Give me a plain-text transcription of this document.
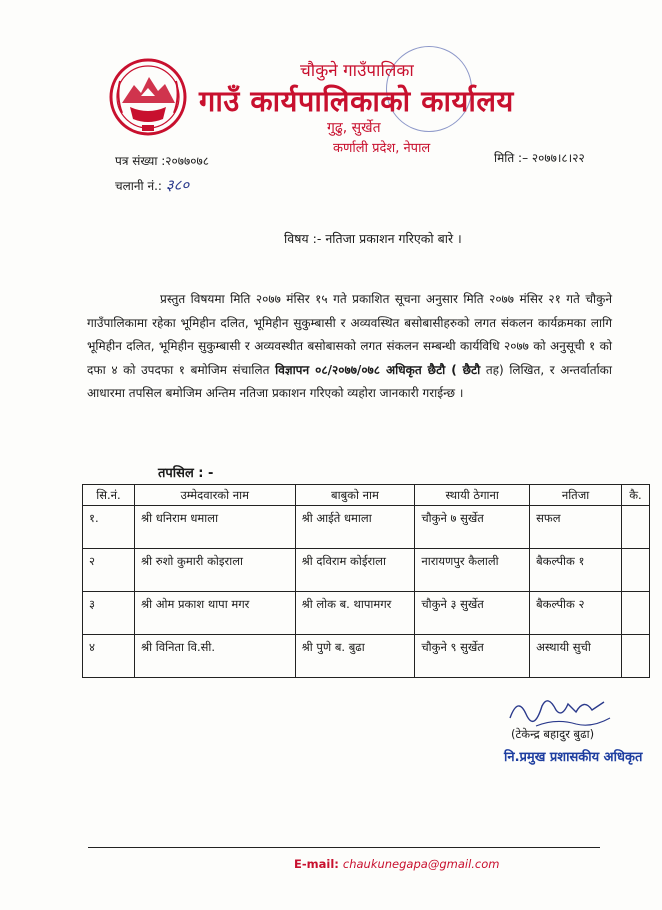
चौकुने गाउँपालिका
गाउँ कार्यपालिकाको कार्यालय
गुढु, सुर्खेत
कर्णाली प्रदेश, नेपाल
पत्र संख्या :२०७७०७८
चलानी नं.: ३८०
मिति :– २०७७।८।२२
विषय :- नतिजा प्रकाशन गरिएको बारे ।

प्रस्तुत विषयमा मिति २०७७ मंसिर १५ गते प्रकाशित सूचना अनुसार मिति २०७७ मंसिर २१ गते चौकुने गाउँपालिकामा रहेका भूमिहीन दलित, भूमिहीन सुकुम्बासी र अव्यवस्थित बसोबासीहरुको लगत संकलन कार्यक्रमका लागि भूमिहीन दलित, भूमिहीन सुकुम्बासी र अव्यवस्थीत बसोबासको लगत संकलन सम्बन्धी कार्यविधि २०७७ को अनुसूची १ को दफा ४ को उपदफा १ बमोजिम संचालित विज्ञापन ०८/२०७७/०७८ अधिकृत छैटौ ( छैटौ तह) लिखित, र अन्तर्वार्ताका आधारमा तपसिल बमोजिम अन्तिम नतिजा प्रकाशन गरिएको व्यहोरा जानकारी गराईन्छ ।

तपसिल : -
सि.नं.	उम्मेदवारको नाम	बाबुको नाम	स्थायी ठेगाना	नतिजा	कै.
१.	श्री धनिराम धमाला	श्री आईते धमाला	चौकुने ७ सुर्खेत	सफल	
२	श्री रुशो कुमारी कोइराला	श्री दविराम कोईराला	नारायणपुर कैलाली	बैकल्पीक १	
३	श्री ओम प्रकाश थापा मगर	श्री लोक ब. थापामगर	चौकुने ३ सुर्खेत	बैकल्पीक २	
४	श्री विनिता वि.सी.	श्री पुणे ब. बुढा	चौकुने ९ सुर्खेत	अस्थायी सुची	
(टेकेन्द्र बहादुर बुढा)
नि.प्रमुख प्रशासकीय अधिकृत
E-mail: chaukunegapa@gmail.com
